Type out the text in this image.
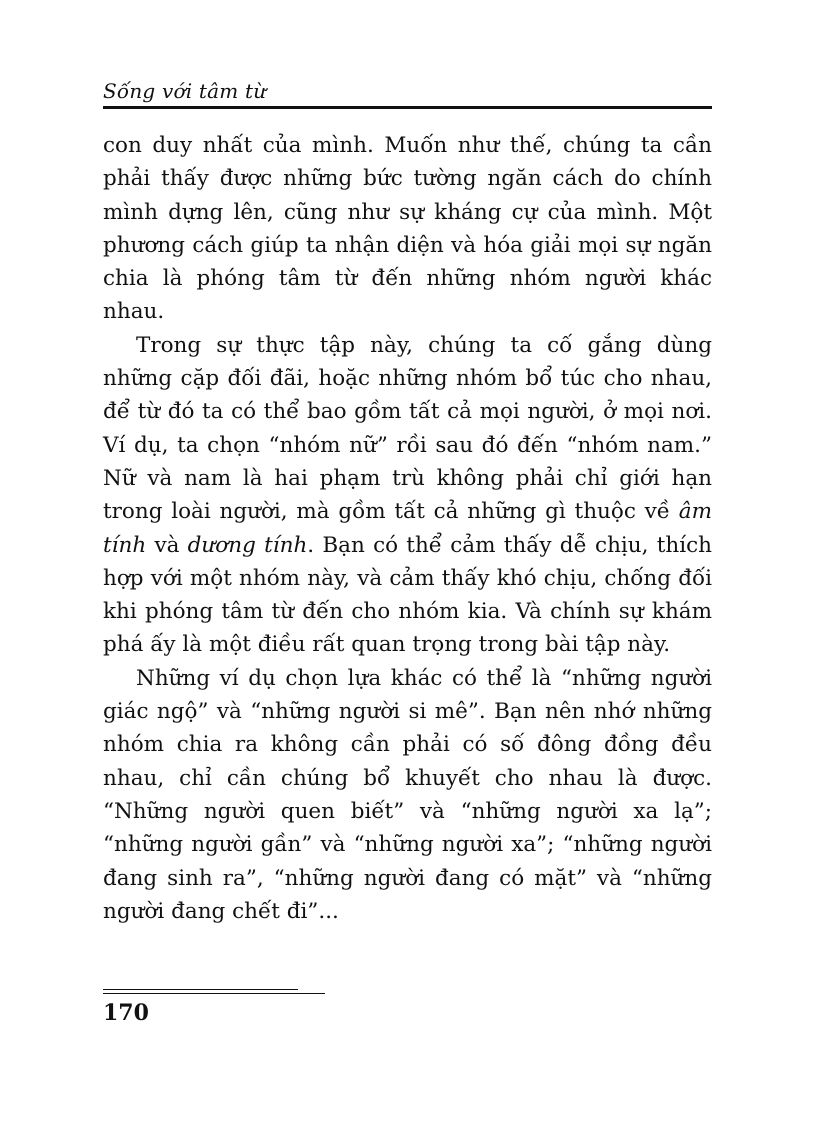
Sống với tâm từ

con duy nhất của mình. Muốn như thế, chúng ta cần phải thấy được những bức tường ngăn cách do chính mình dựng lên, cũng như sự kháng cự của mình. Một phương cách giúp ta nhận diện và hóa giải mọi sự ngăn chia là phóng tâm từ đến những nhóm người khác nhau.

Trong sự thực tập này, chúng ta cố gắng dùng những cặp đối đãi, hoặc những nhóm bổ túc cho nhau, để từ đó ta có thể bao gồm tất cả mọi người, ở mọi nơi. Ví dụ, ta chọn “nhóm nữ” rồi sau đó đến “nhóm nam.” Nữ và nam là hai phạm trù không phải chỉ giới hạn trong loài người, mà gồm tất cả những gì thuộc về âm tính và dương tính. Bạn có thể cảm thấy dễ chịu, thích hợp với một nhóm này, và cảm thấy khó chịu, chống đối khi phóng tâm từ đến cho nhóm kia. Và chính sự khám phá ấy là một điều rất quan trọng trong bài tập này.

Những ví dụ chọn lựa khác có thể là “những người giác ngộ” và “những người si mê”. Bạn nên nhớ những nhóm chia ra không cần phải có số đông đồng đều nhau, chỉ cần chúng bổ khuyết cho nhau là được. “Những người quen biết” và “những người xa lạ”; “những người gần” và “những người xa”; “những người đang sinh ra”, “những người đang có mặt” và “những người đang chết đi”...

170
